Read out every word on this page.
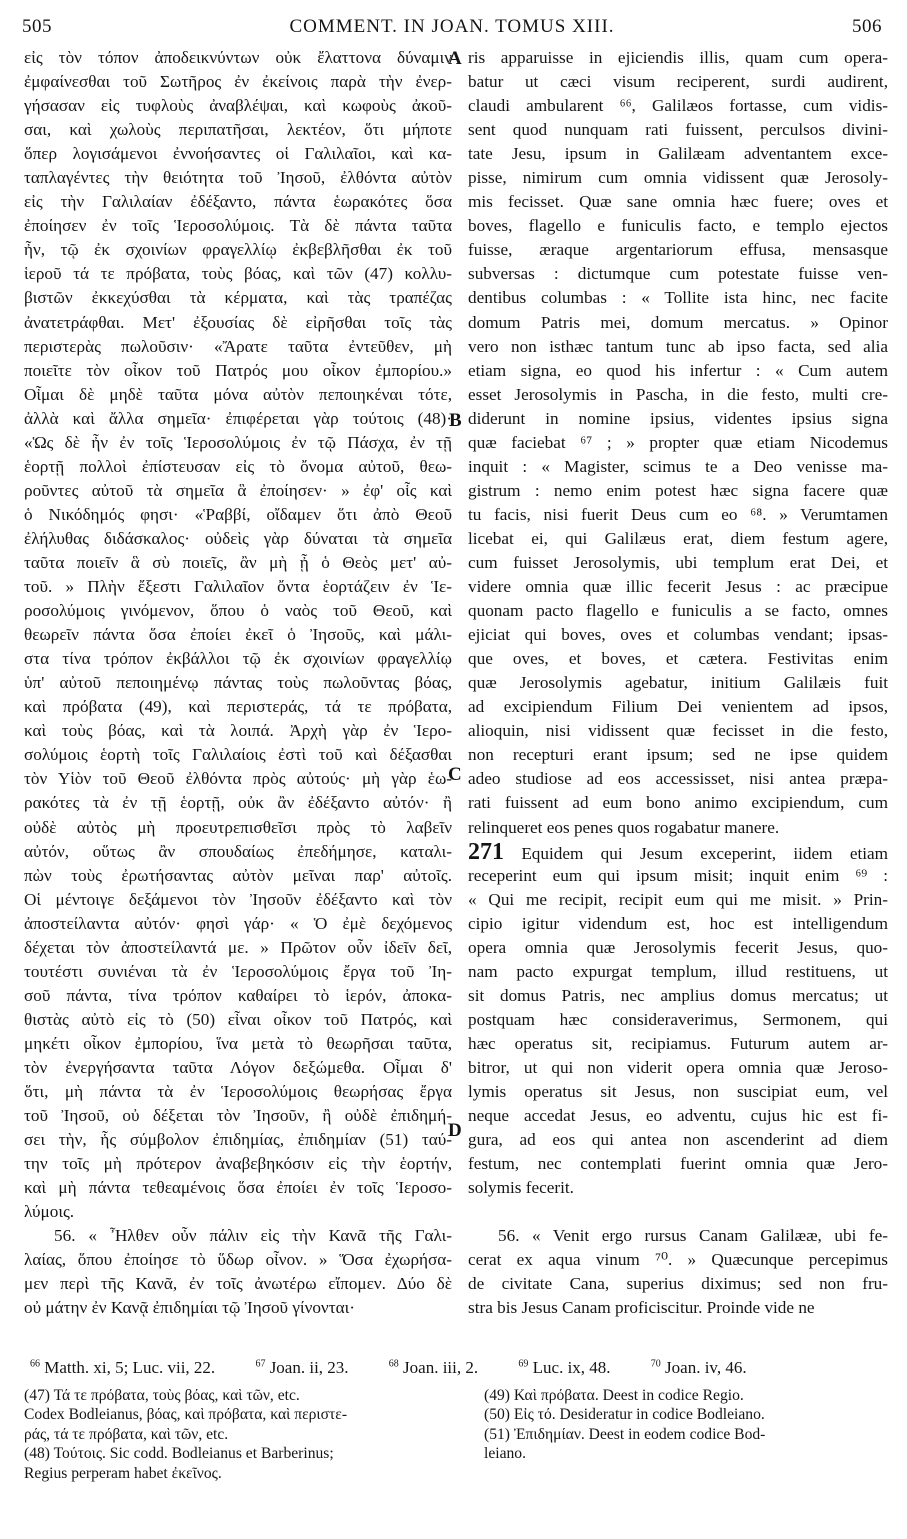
505	COMMENT. IN JOAN. TOMUS XIII.	506
εἰς τὸν τόπον ἀποδεικνύντων οὐκ ἔλαττονα δύναμιν
ἐμφαίνεσθαι τοῦ Σωτῆρος ἐν ἐκείνοις παρὰ τὴν ἐνερ-
γήσασαν εἰς τυφλοὺς ἀναβλέψαι, καὶ κωφοὺς ἀκοῦ-
σαι, καὶ χωλοὺς περιπατῆσαι, λεκτέον, ὅτι μήποτε
ὅπερ λογισάμενοι ἐννοήσαντες οἱ Γαλιλαῖοι, καὶ κα-
ταπλαγέντες τὴν θειότητα τοῦ Ἰησοῦ, ἐλθόντα αὐτὸν
εἰς τὴν Γαλιλαίαν ἐδέξαντο, πάντα ἑωρακότες ὅσα
ἐποίησεν ἐν τοῖς Ἱεροσολύμοις. Τὰ δὲ πάντα ταῦτα
ἦν, τῷ ἐκ σχοινίων φραγελλίῳ ἐκβεβλῆσθαι ἐκ τοῦ
ἱεροῦ τά τε πρόβατα, τοὺς βόας, καὶ τῶν (47) κολλυ-
βιστῶν ἐκκεχύσθαι τὰ κέρματα, καὶ τὰς τραπέζας
ἀνατετράφθαι. Μετ' ἐξουσίας δὲ εἰρῆσθαι τοῖς τὰς
περιστερὰς πωλοῦσιν· «Ἄρατε ταῦτα ἐντεῦθεν, μὴ
ποιεῖτε τὸν οἶκον τοῦ Πατρός μου οἶκον ἐμπορίου.»
Οἶμαι δὲ μηδὲ ταῦτα μόνα αὐτὸν πεποιηκέναι τότε,
ἀλλὰ καὶ ἄλλα σημεῖα· ἐπιφέρεται γὰρ τούτοις (48)·
«Ὡς δὲ ἦν ἐν τοῖς Ἱεροσολύμοις ἐν τῷ Πάσχα, ἐν τῇ
ἑορτῇ πολλοὶ ἐπίστευσαν εἰς τὸ ὄνομα αὐτοῦ, θεω-
ροῦντες αὐτοῦ τὰ σημεῖα ἃ ἐποίησεν· » ἐφ' οἷς καὶ
ὁ Νικόδημός φησι· «Ῥαββί, οἴδαμεν ὅτι ἀπὸ Θεοῦ
ἐλήλυθας διδάσκαλος· οὐδεὶς γὰρ δύναται τὰ σημεῖα
ταῦτα ποιεῖν ἃ σὺ ποιεῖς, ἂν μὴ ᾖ ὁ Θεὸς μετ' αὐ-
τοῦ. » Πλὴν ἔξεστι Γαλιλαῖον ὄντα ἑορτάζειν ἐν Ἱε-
ροσολύμοις γινόμενον, ὅπου ὁ ναὸς τοῦ Θεοῦ, καὶ
θεωρεῖν πάντα ὅσα ἐποίει ἐκεῖ ὁ Ἰησοῦς, καὶ μάλι-
στα τίνα τρόπον ἐκβάλλοι τῷ ἐκ σχοινίων φραγελλίῳ
ὑπ' αὐτοῦ πεποιημένῳ πάντας τοὺς πωλοῦντας βόας,
καὶ πρόβατα (49), καὶ περιστεράς, τά τε πρόβατα,
καὶ τοὺς βόας, καὶ τὰ λοιπά. Ἀρχὴ γὰρ ἐν Ἱερο-
σολύμοις ἑορτὴ τοῖς Γαλιλαίοις ἐστὶ τοῦ καὶ δέξασθαι
τὸν Υἱὸν τοῦ Θεοῦ ἐλθόντα πρὸς αὐτούς· μὴ γὰρ ἑω-
ρακότες τὰ ἐν τῇ ἑορτῇ, οὐκ ἂν ἐδέξαντο αὐτόν· ἢ
οὐδὲ αὐτὸς μὴ προευτρεπισθεῖσι πρὸς τὸ λαβεῖν
αὐτόν, οὕτως ἂν σπουδαίως ἐπεδήμησε, καταλι-
πὼν τοὺς ἐρωτήσαντας αὐτὸν μεῖναι παρ' αὐτοῖς.
Οἱ μέντοιγε δεξάμενοι τὸν Ἰησοῦν ἐδέξαντο καὶ τὸν
ἀποστείλαντα αὐτόν· φησὶ γάρ· « Ὁ ἐμὲ δεχόμενος
δέχεται τὸν ἀποστείλαντά με. » Πρῶτον οὖν ἰδεῖν δεῖ,
τουτέστι συνιέναι τὰ ἐν Ἱεροσολύμοις ἔργα τοῦ Ἰη-
σοῦ πάντα, τίνα τρόπον καθαίρει τὸ ἱερόν, ἀποκα-
θιστὰς αὐτὸ εἰς τὸ (50) εἶναι οἶκον τοῦ Πατρός, καὶ
μηκέτι οἶκον ἐμπορίου, ἵνα μετὰ τὸ θεωρῆσαι ταῦτα,
τὸν ἐνεργήσαντα ταῦτα Λόγον δεξώμεθα. Οἶμαι δ'
ὅτι, μὴ πάντα τὰ ἐν Ἱεροσολύμοις θεωρήσας ἔργα
τοῦ Ἰησοῦ, οὐ δέξεται τὸν Ἰησοῦν, ἢ οὐδὲ ἐπιδημή-
σει τὴν, ἧς σύμβολον ἐπιδημίας, ἐπιδημίαν (51) ταύ-
την τοῖς μὴ πρότερον ἀναβεβηκόσιν εἰς τὴν ἑορτήν,
καὶ μὴ πάντα τεθεαμένοις ὅσα ἐποίει ἐν τοῖς Ἱεροσο-
λύμοις.
56. « Ἦλθεν οὖν πάλιν εἰς τὴν Κανᾶ τῆς Γαλι-
λαίας, ὅπου ἐποίησε τὸ ὕδωρ οἶνον. » Ὅσα ἐχωρήσα-
μεν περὶ τῆς Κανᾶ, ἐν τοῖς ἀνωτέρω εἴπομεν. Δύο δὲ
οὐ μάτην ἐν Κανᾷ ἐπιδημίαι τῷ Ἰησοῦ γίνονται·
ris apparuisse in ejiciendis illis, quam cum opera-
batur ut cæci visum reciperent, surdi audirent,
claudi ambularent ⁶⁶, Galilæos fortasse, cum vidis-
sent quod nunquam rati fuissent, perculsos divini-
tate Jesu, ipsum in Galilæam adventantem exce-
pisse, nimirum cum omnia vidissent quæ Jerosoly-
mis fecisset. Quæ sane omnia hæc fuere; oves et
boves, flagello e funiculis facto, e templo ejectos
fuisse, æraque argentariorum effusa, mensasque
subversas : dictumque cum potestate fuisse ven-
dentibus columbas : « Tollite ista hinc, nec facite
domum Patris mei, domum mercatus. » Opinor
vero non isthæc tantum tunc ab ipso facta, sed alia
etiam signa, eo quod his infertur : « Cum autem
esset Jerosolymis in Pascha, in die festo, multi cre-
diderunt in nomine ipsius, videntes ipsius signa
quæ faciebat ⁶⁷ ; » propter quæ etiam Nicodemus
inquit : « Magister, scimus te a Deo venisse ma-
gistrum : nemo enim potest hæc signa facere quæ
tu facis, nisi fuerit Deus cum eo ⁶⁸. » Verumtamen
licebat ei, qui Galilæus erat, diem festum agere,
cum fuisset Jerosolymis, ubi templum erat Dei, et
videre omnia quæ illic fecerit Jesus : ac præcipue
quonam pacto flagello e funiculis a se facto, omnes
ejiciat qui boves, oves et columbas vendant; ipsas-
que oves, et boves, et cætera. Festivitas enim
quæ Jerosolymis agebatur, initium Galilæis fuit
ad excipiendum Filium Dei venientem ad ipsos,
alioquin, nisi vidissent quæ fecisset in die festo,
non recepturi erant ipsum; sed ne ipse quidem
adeo studiose ad eos accessisset, nisi antea præpa-
rati fuissent ad eum bono animo excipiendum, cum
relinqueret eos penes quos rogabatur manere.
271 Equidem qui Jesum exceperint, iidem etiam
receperint eum qui ipsum misit; inquit enim ⁶⁹ :
« Qui me recipit, recipit eum qui me misit. » Prin-
cipio igitur videndum est, hoc est intelligendum
opera omnia quæ Jerosolymis fecerit Jesus, quo-
nam pacto expurgat templum, illud restituens, ut
sit domus Patris, nec amplius domus mercatus; ut
postquam hæc consideraverimus, Sermonem, qui
hæc operatus sit, recipiamus. Futurum autem ar-
bitror, ut qui non viderit opera omnia quæ Jeroso-
lymis operatus sit Jesus, non suscipiat eum, vel
neque accedat Jesus, eo adventu, cujus hic est fi-
gura, ad eos qui antea non ascenderint ad diem
festum, nec contemplati fuerint omnia quæ Jero-
solymis fecerit.

56. « Venit ergo rursus Canam Galilææ, ubi fe-
cerat ex aqua vinum ⁷⁰. » Quæcunque percepimus
de civitate Cana, superius diximus; sed non fru-
stra bis Jesus Canam proficiscitur. Proinde vide ne
A
B
C
D
$^{66}$ Matth. xi, 5; Luc. vii, 22.	$^{67}$ Joan. ii, 23.	$^{68}$ Joan. iii, 2.	$^{69}$ Luc. ix, 48.	$^{70}$ Joan. iv, 46.
(47) Τά τε πρόβατα, τοὺς βόας, καὶ τῶν, etc.
Codex Bodleianus, βόας, καὶ πρόβατα, καὶ περιστε-
ράς, τά τε πρόβατα, καὶ τῶν, etc.
(48) Τούτοις. Sic codd. Bodleianus et Barberinus;
Regius perperam habet ἐκεῖνος.
(49) Καὶ πρόβατα. Deest in codice Regio.
(50) Εἰς τό. Desideratur in codice Bodleiano.
(51) Ἐπιδημίαν. Deest in eodem codice Bod-
leiano.
